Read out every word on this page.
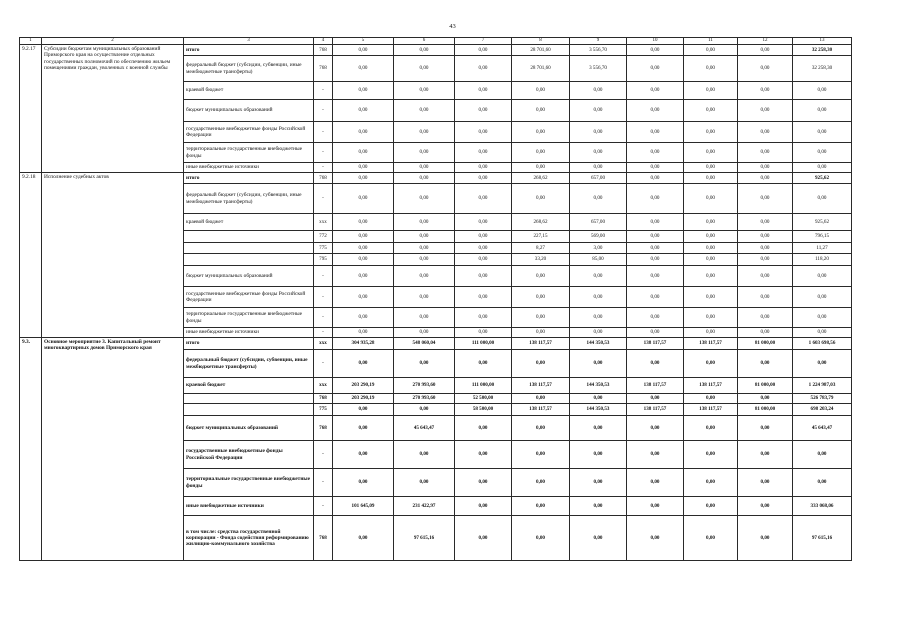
43
1	2	3	4	5	6	7	8	9	10	11	12	13
9.2.17	Субсидии бюджетам муниципальных образований Приморского края на осуществление отдельных государственных полномочий по обеспечению жильем помещениями граждан, уволенных с военной службы	итого	768	0,00	0,00	0,00	28 701,60	3 556,70	0,00	0,00	0,00	32 258,30
		федеральный бюджет (субсидии, субвенции, иные межбюджетные трансферты)	768	0,00	0,00	0,00	28 701,60	3 556,70	0,00	0,00	0,00	32 258,30
		краевой бюджет	-	0,00	0,00	0,00	0,00	0,00	0,00	0,00	0,00	0,00
		бюджет муниципальных образований	-	0,00	0,00	0,00	0,00	0,00	0,00	0,00	0,00	0,00
		государственные внебюджетные фонды Российской Федерации	-	0,00	0,00	0,00	0,00	0,00	0,00	0,00	0,00	0,00
		территориальные государственные внебюджетные фонды	-	0,00	0,00	0,00	0,00	0,00	0,00	0,00	0,00	0,00
		иные внебюджетные источники	-	0,00	0,00	0,00	0,00	0,00	0,00	0,00	0,00	0,00
9.2.18	Исполнение судебных актов	итого	768	0,00	0,00	0,00	268,62	657,00	0,00	0,00	0,00	925,62
		федеральный бюджет (субсидии, субвенции, иные межбюджетные трансферты)	-	0,00	0,00	0,00	0,00	0,00	0,00	0,00	0,00	0,00
		краевой бюджет	ххх	0,00	0,00	0,00	268,62	657,00	0,00	0,00	0,00	925,62
			772	0,00	0,00	0,00	227,15	569,00	0,00	0,00	0,00	796,15
			775	0,00	0,00	0,00	8,27	3,00	0,00	0,00	0,00	11,27
			795	0,00	0,00	0,00	33,20	85,00	0,00	0,00	0,00	118,20
		бюджет муниципальных образований	-	0,00	0,00	0,00	0,00	0,00	0,00	0,00	0,00	0,00
		государственные внебюджетные фонды Российской Федерации	-	0,00	0,00	0,00	0,00	0,00	0,00	0,00	0,00	0,00
		территориальные государственные внебюджетные фонды	-	0,00	0,00	0,00	0,00	0,00	0,00	0,00	0,00	0,00
		иные внебюджетные источники	-	0,00	0,00	0,00	0,00	0,00	0,00	0,00	0,00	0,00
9.3.	Основное мероприятие 3. Капитальный ремонт многоквартирных домов Приморского края	итого	ххх	304 935,28	548 060,04	111 000,00	138 117,57	144 350,53	138 117,57	138 117,57	81 000,00	1 603 698,56
		федеральный бюджет (субсидии, субвенции, иные межбюджетные трансферты)	-	0,00	0,00	0,00	0,00	0,00	0,00	0,00	0,00	0,00
		краевой бюджет	ххх	203 290,19	270 993,60	111 000,00	138 117,57	144 350,53	138 117,57	138 117,57	81 000,00	1 224 987,03
			768	203 290,19	270 993,60	52 500,00	0,00	0,00	0,00	0,00	0,00	526 783,79
			775	0,00	0,00	58 500,00	138 117,57	144 350,53	138 117,57	138 117,57	81 000,00	698 203,24
		бюджет муниципальных образований	768	0,00	45 643,47	0,00	0,00	0,00	0,00	0,00	0,00	45 643,47
		государственные внебюджетные фонды Российской Федерации	-	0,00	0,00	0,00	0,00	0,00	0,00	0,00	0,00	0,00
		территориальные государственные внебюджетные фонды	-	0,00	0,00	0,00	0,00	0,00	0,00	0,00	0,00	0,00
		иные внебюджетные источники	-	101 645,09	231 422,97	0,00	0,00	0,00	0,00	0,00	0,00	333 068,06
		в том числе: средства государственной корпорации - Фонда содействия реформированию жилищно-коммунального хозяйства	768	0,00	97 615,16	0,00	0,00	0,00	0,00	0,00	0,00	97 615,16
